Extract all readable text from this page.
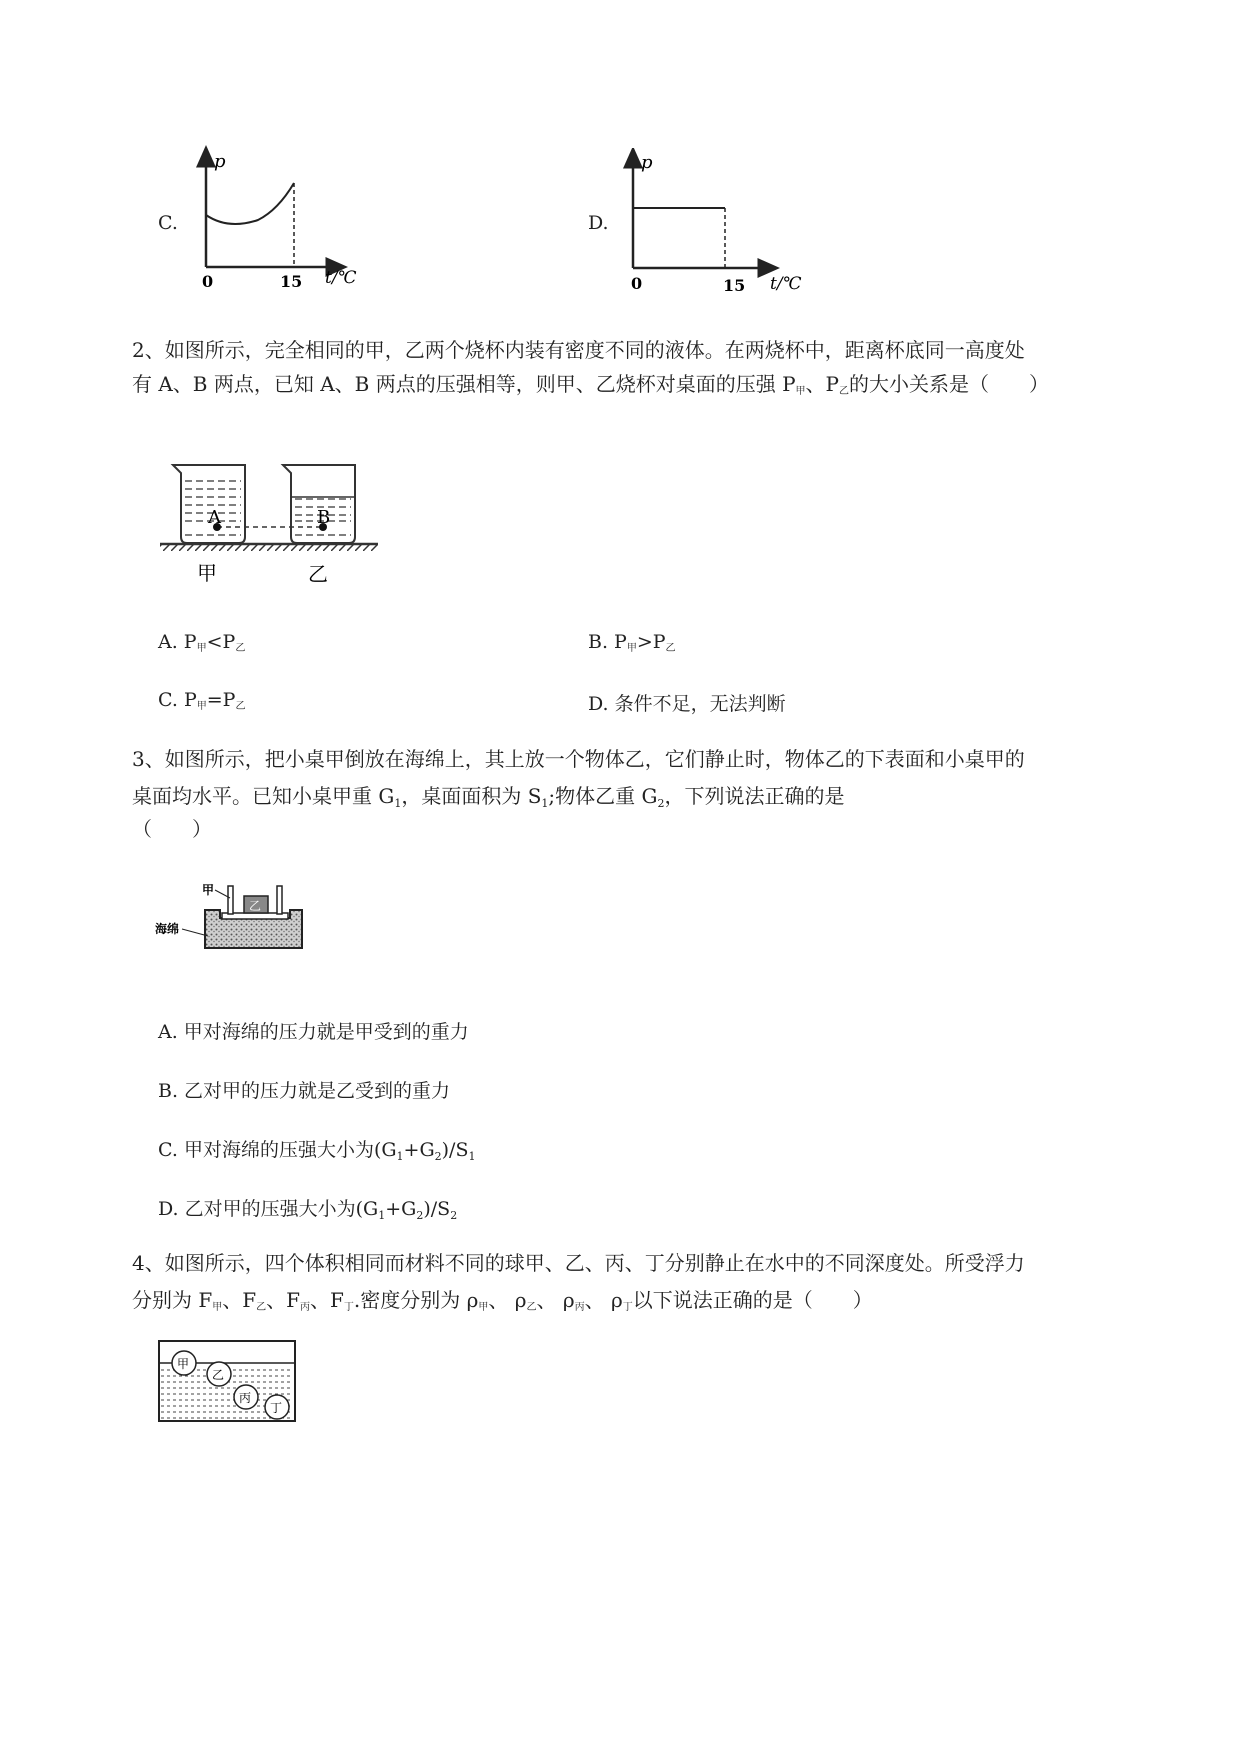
C.
p
0	15 t/℃
D.
p
0	15 t/℃
2、如图所示，完全相同的甲，乙两个烧杯内装有密度不同的液体。在两烧杯中，距离杯底同一高度处
有 A、B 两点，已知 A、B 两点的压强相等，则甲、乙烧杯对桌面的压强 $P_甲$、$P_乙$的大小关系是（　　）
A	B
甲	乙
A. $P_甲<P_乙$	B. $P_甲>P_乙$
C. $P_甲=P_乙$	D. 条件不足，无法判断
3、如图所示，把小桌甲倒放在海绵上，其上放一个物体乙，它们静止时，物体乙的下表面和小桌甲的
桌面均水平。已知小桌甲重 $G_1$，桌面面积为 $S_1$;物体乙重 $G_2$，下列说法正确的是
（　　）
乙
甲
海绵
A. 甲对海绵的压力就是甲受到的重力
B. 乙对甲的压力就是乙受到的重力
C. 甲对海绵的压强大小为$(G_1+G_2)/S_1$
D. 乙对甲的压强大小为$(G_1+G_2)/S_2$
4、如图所示，四个体积相同而材料不同的球甲、乙、丙、丁分别静止在水中的不同深度处。所受浮力
分别为 $F_甲$、$F_乙$、$F_丙$、$F_丁$.密度分别为 $\rho_甲$、 $\rho_乙$、 $\rho_丙$、 $\rho_丁$以下说法正确的是（　　）
甲
乙
丙
丁
